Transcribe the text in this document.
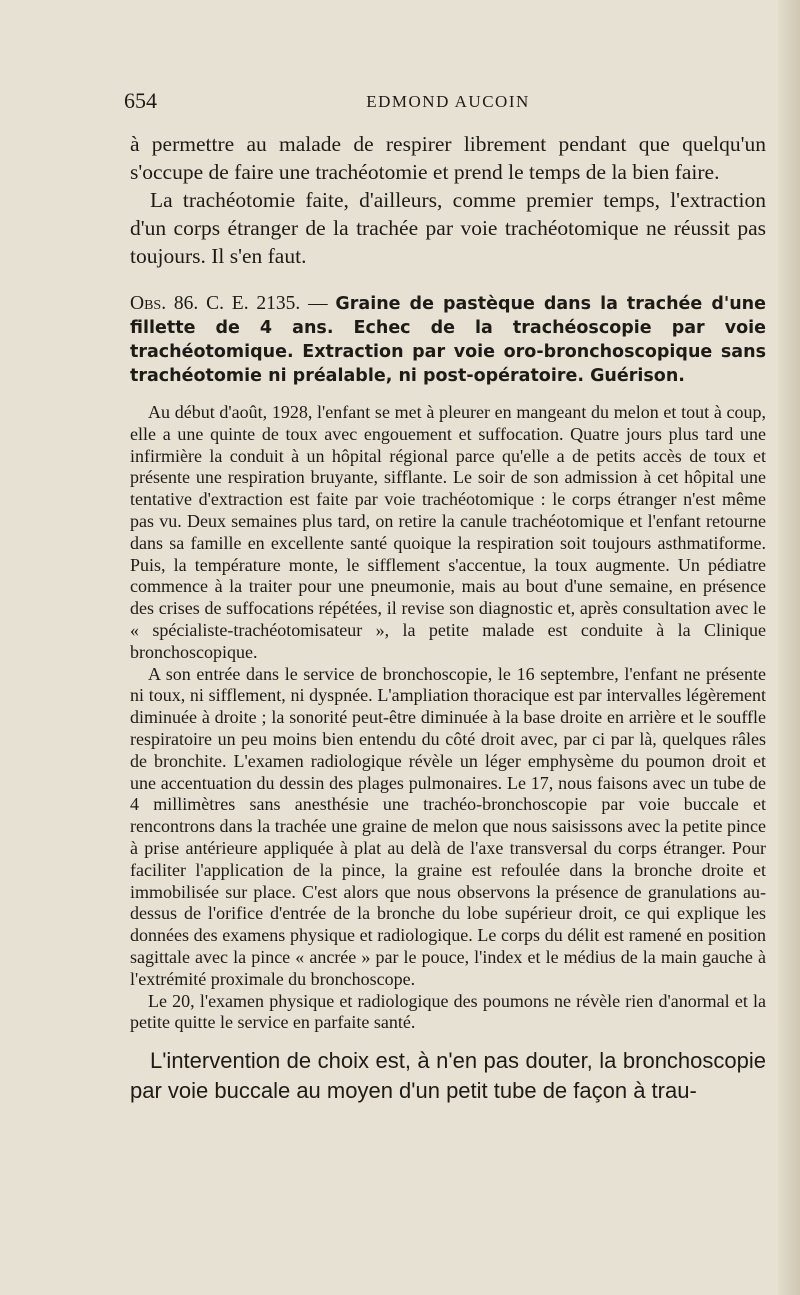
654	EDMOND AUCOIN

à permettre au malade de respirer librement pendant que quelqu'un s'occupe de faire une trachéotomie et prend le temps de la bien faire.

La trachéotomie faite, d'ailleurs, comme premier temps, l'extraction d'un corps étranger de la trachée par voie trachéotomique ne réussit pas toujours. Il s'en faut.

Obs. 86. C. E. 2135. — Graine de pastèque dans la trachée d'une fillette de 4 ans. Echec de la trachéoscopie par voie trachéotomique. Extraction par voie oro-bronchoscopique sans trachéotomie ni préalable, ni post-opératoire. Guérison.

Au début d'août, 1928, l'enfant se met à pleurer en mangeant du melon et tout à coup, elle a une quinte de toux avec engouement et suffocation. Quatre jours plus tard une infirmière la conduit à un hôpital régional parce qu'elle a de petits accès de toux et présente une respiration bruyante, sifflante. Le soir de son admission à cet hôpital une tentative d'extraction est faite par voie trachéotomique : le corps étranger n'est même pas vu. Deux semaines plus tard, on retire la canule trachéotomique et l'enfant retourne dans sa famille en excellente santé quoique la respiration soit toujours asthmatiforme. Puis, la température monte, le sifflement s'accentue, la toux augmente. Un pédiatre commence à la traiter pour une pneumonie, mais au bout d'une semaine, en présence des crises de suffocations répétées, il revise son diagnostic et, après consultation avec le « spécialiste-trachéotomisateur », la petite malade est conduite à la Clinique bronchoscopique.

A son entrée dans le service de bronchoscopie, le 16 septembre, l'enfant ne présente ni toux, ni sifflement, ni dyspnée. L'ampliation thoracique est par intervalles légèrement diminuée à droite ; la sonorité peut-être diminuée à la base droite en arrière et le souffle respiratoire un peu moins bien entendu du côté droit avec, par ci par là, quelques râles de bronchite. L'examen radiologique révèle un léger emphysème du poumon droit et une accentuation du dessin des plages pulmonaires. Le 17, nous faisons avec un tube de 4 millimètres sans anesthésie une trachéo-bronchoscopie par voie buccale et rencontrons dans la trachée une graine de melon que nous saisissons avec la petite pince à prise antérieure appliquée à plat au delà de l'axe transversal du corps étranger. Pour faciliter l'application de la pince, la graine est refoulée dans la bronche droite et immobilisée sur place. C'est alors que nous observons la présence de granulations au-dessus de l'orifice d'entrée de la bronche du lobe supérieur droit, ce qui explique les données des examens physique et radiologique. Le corps du délit est ramené en position sagittale avec la pince « ancrée » par le pouce, l'index et le médius de la main gauche à l'extrémité proximale du bronchoscope.

Le 20, l'examen physique et radiologique des poumons ne révèle rien d'anormal et la petite quitte le service en parfaite santé.

L'intervention de choix est, à n'en pas douter, la bronchoscopie par voie buccale au moyen d'un petit tube de façon à trau-
